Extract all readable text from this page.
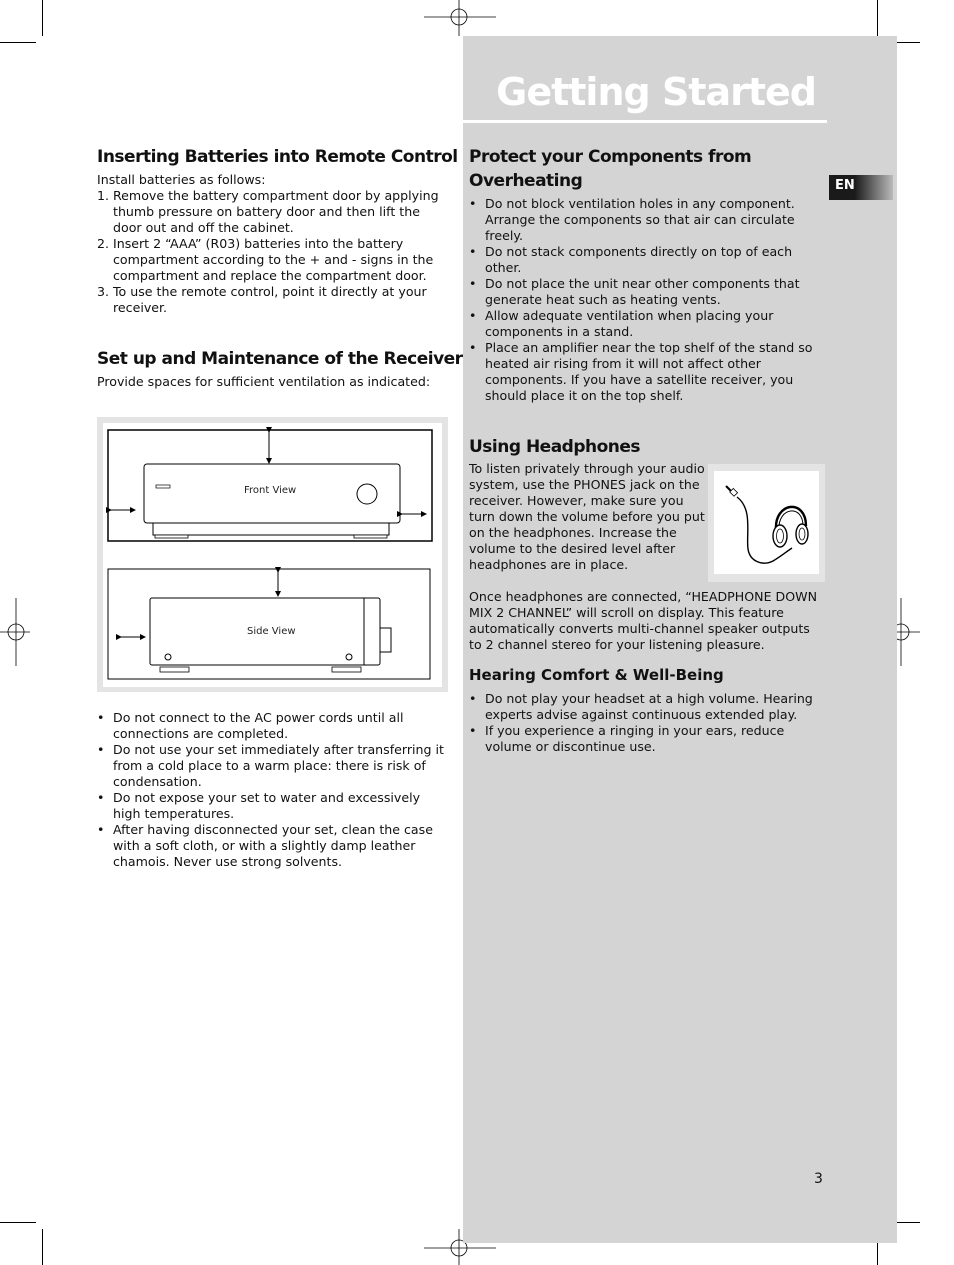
Getting Started
EN
Inserting Batteries into Remote Control

Install batteries as follows:

1. Remove the battery compartment door by applying thumb pressure on battery door and then lift the door out and off the cabinet.
2. Insert 2 “AAA” (R03) batteries into the battery compartment according to the + and - signs in the compartment and replace the compartment door.
3. To use the remote control, point it directly at your receiver.
Set up and Maintenance of the Receiver
Provide spaces for sufficient ventilation as indicated:
Front View
Side View
• Do not connect to the AC power cords until all connections are completed.
• Do not use your set immediately after transferring it from a cold place to a warm place: there is risk of condensation.
• Do not expose your set to water and excessively high temperatures.
• After having disconnected your set, clean the case with a soft cloth, or with a slightly damp leather chamois. Never use strong solvents.
Protect your Components from Overheating
• Do not block ventilation holes in any component. Arrange the components so that air can circulate freely.
• Do not stack components directly on top of each other.
• Do not place the unit near other components that generate heat such as heating vents.
• Allow adequate ventilation when placing your components in a stand.
• Place an amplifier near the top shelf of the stand so heated air rising from it will not affect other components. If you have a satellite receiver, you should place it on the top shelf.
Using Headphones
To listen privately through your audio system, use the PHONES jack on the receiver. However, make sure you turn down the volume before you put on the headphones. Increase the volume to the desired level after headphones are in place.
Once headphones are connected, “HEADPHONE DOWN MIX 2 CHANNEL” will scroll on display. This feature automatically converts multi-channel speaker outputs to 2 channel stereo for your listening pleasure.
Hearing Comfort & Well-Being
• Do not play your headset at a high volume. Hearing experts advise against continuous extended play.
• If you experience a ringing in your ears, reduce volume or discontinue use.
3
